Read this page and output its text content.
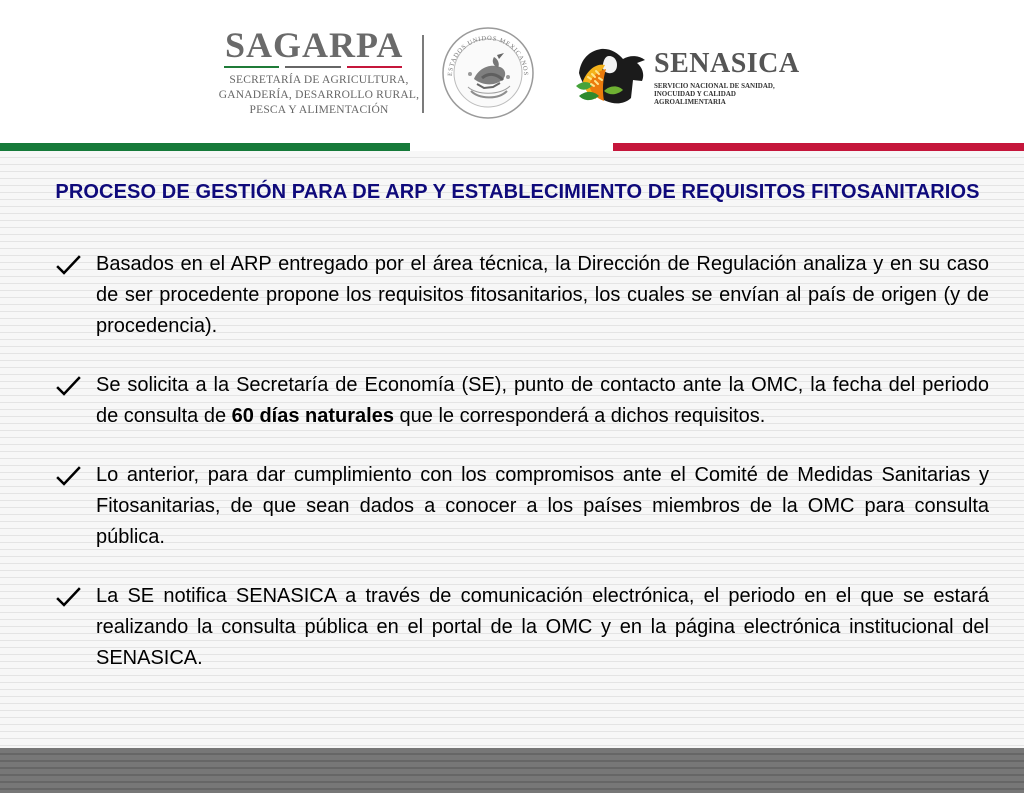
SAGARPA
SECRETARÍA DE AGRICULTURA,
GANADERÍA, DESARROLLO RURAL,
PESCA Y ALIMENTACIÓN
ESTADOS UNIDOS MEXICANOS	SENASICA
SERVICIO NACIONAL DE SANIDAD,
INOCUIDAD Y CALIDAD
AGROALIMENTARIA
PROCESO DE GESTIÓN PARA DE ARP Y ESTABLECIMIENTO DE REQUISITOS FITOSANITARIOS
Basados en el ARP entregado por el área técnica, la Dirección de Regulación analiza y en su caso de ser procedente propone los requisitos fitosanitarios, los cuales se envían al país de origen (y de procedencia).
Se solicita a la Secretaría de Economía (SE), punto de contacto ante la OMC, la fecha del periodo de consulta de 60 días naturales que le corresponderá a dichos requisitos.
Lo anterior, para dar cumplimiento con los compromisos ante el Comité de Medidas Sanitarias y Fitosanitarias, de que sean dados a conocer a los países miembros de la OMC para consulta pública.
La SE notifica SENASICA a través de comunicación electrónica, el periodo en el que se estará realizando la consulta pública en el portal de la OMC y en la página electrónica institucional del SENASICA.
